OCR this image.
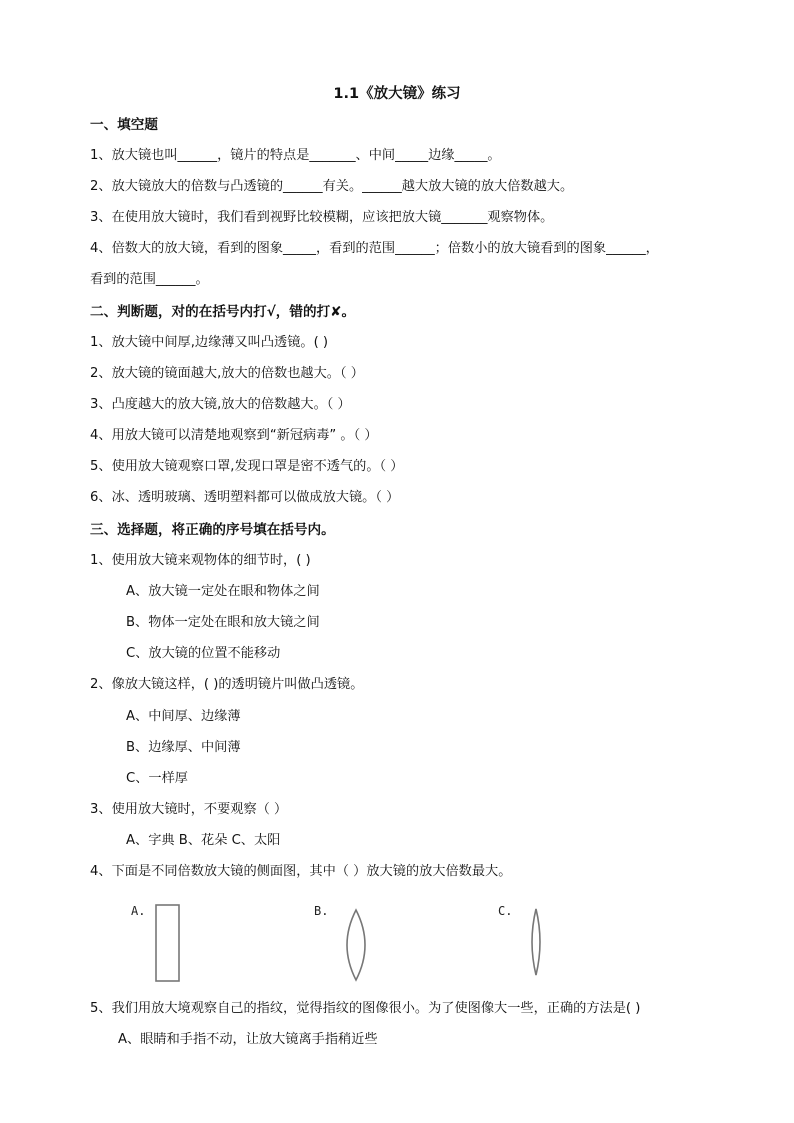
1.1《放大镜》练习
一、填空题
1、放大镜也叫______，镜片的特点是_______、中间_____边缘_____。
2、放大镜放大的倍数与凸透镜的______有关。______越大放大镜的放大倍数越大。
3、在使用放大镜时，我们看到视野比较模糊，应该把放大镜_______观察物体。
4、倍数大的放大镜，看到的图象_____，看到的范围______；倍数小的放大镜看到的图象______，
看到的范围______。
二、判断题，对的在括号内打√，错的打✘。
1、放大镜中间厚,边缘薄又叫凸透镜。( )
2、放大镜的镜面越大,放大的倍数也越大。（ ）
3、凸度越大的放大镜,放大的倍数越大。（ ）
4、用放大镜可以清楚地观察到“新冠病毒” 。（ ）
5、使用放大镜观察口罩,发现口罩是密不透气的。（ ）
6、冰、透明玻璃、透明塑料都可以做成放大镜。（ ）
三、选择题，将正确的序号填在括号内。
1、使用放大镜来观物体的细节时，( )
A、放大镜一定处在眼和物体之间
B、物体一定处在眼和放大镜之间
C、放大镜的位置不能移动
2、像放大镜这样，( )的透明镜片叫做凸透镜。
A、中间厚、边缘薄
B、边缘厚、中间薄
C、一样厚
3、使用放大镜时，不要观察（ ）
A、字典 B、花朵 C、太阳
4、下面是不同倍数放大镜的侧面图，其中（ ）放大镜的放大倍数最大。
A.	B.	C.
5、我们用放大境观察自己的指纹，觉得指纹的图像很小。为了使图像大一些，正确的方法是( )
A、眼睛和手指不动，让放大镜离手指稍近些
